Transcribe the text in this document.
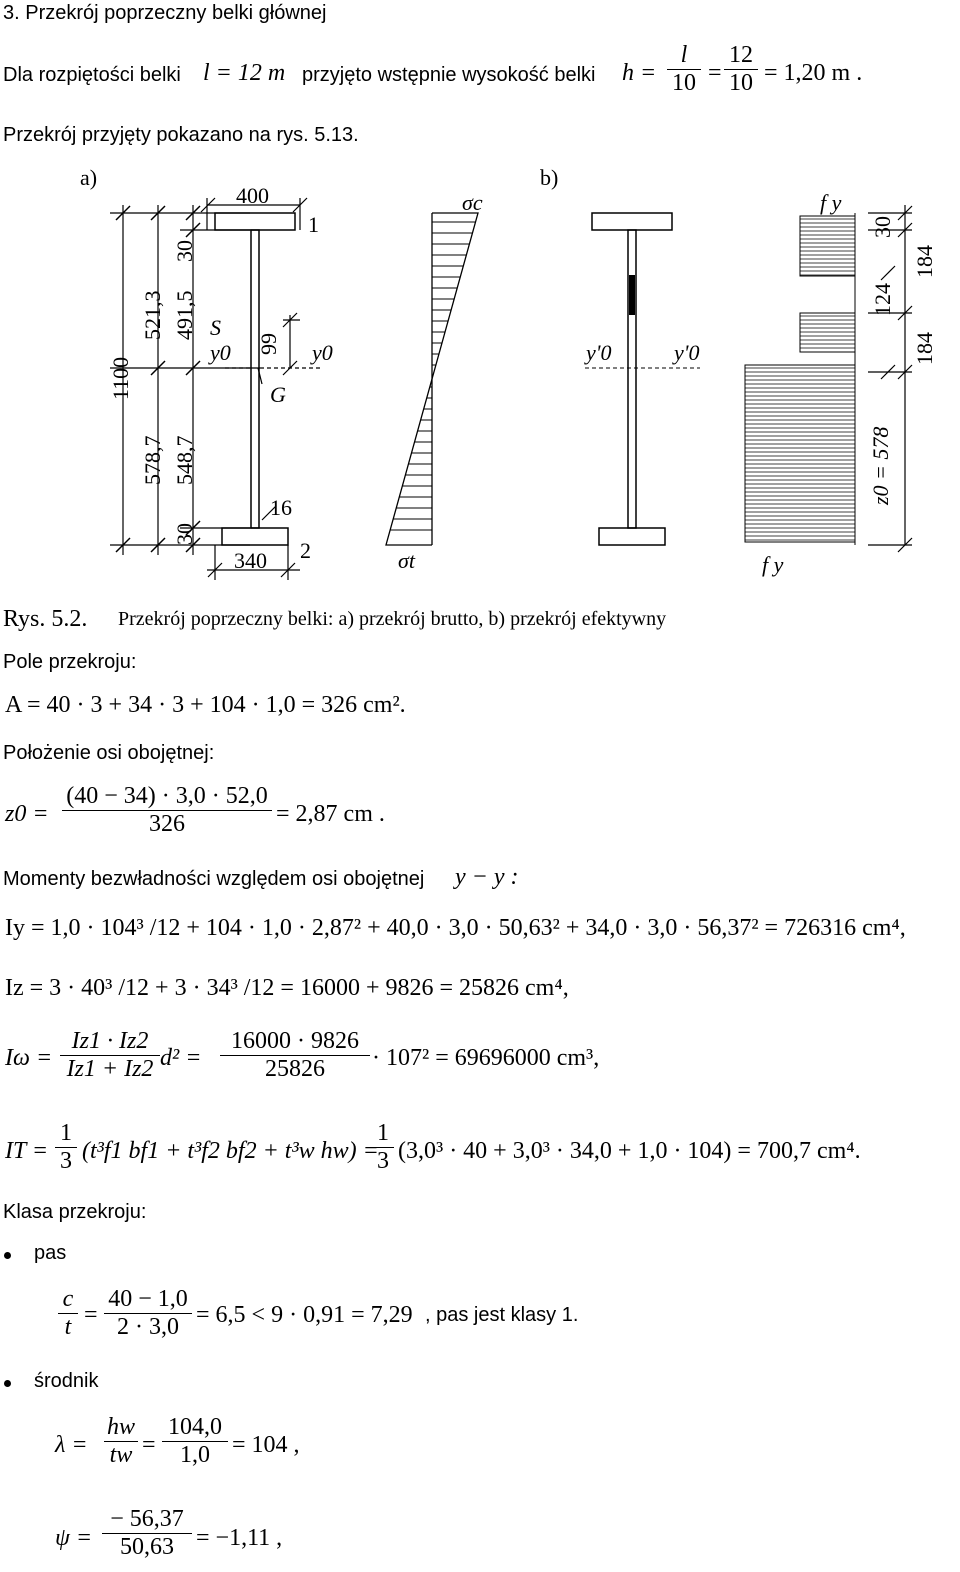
3. Przekrój poprzeczny belki głównej
Dla rozpiętości belki l = 12 m przyjęto wstępnie wysokość belki $h = \frac{l}{10} = \frac{12}{10} = 1,20$ m .
Przekrój przyjęty pokazano na rys. 5.13.
a)	b)
400
1
340 2
16
S
G
y0	y0	y'0	y'0
σc
σt
f y
f y
1100
521,3
578,7
491,5
548,7
30
30
99
30
124
184
184
z0 = 578
Rys. 5.2. Przekrój poprzeczny belki: a) przekrój brutto, b) przekrój efektywny
Pole przekroju:
A = 40 · 3 + 34 · 3 + 104 · 1,0 = 326 cm².
Położenie osi obojętnej:
$z0 = \frac{(40 - 34) \cdot 3,0 \cdot 52,0}{326} = 2,87$ cm .
Momenty bezwładności względem osi obojętnej y − y :
Iy = 1,0 · 104³ /12 + 104 · 1,0 · 2,87² + 40,0 · 3,0 · 50,63² + 34,0 · 3,0 · 56,37² = 726316 cm⁴,
Iz = 3 · 40³ /12 + 3 · 34³ /12 = 16000 + 9826 = 25826 cm⁴,
$I\omega = \frac{Iz1 \cdot Iz2}{Iz1 + Iz2} d^2 = \frac{16000 \cdot 9826}{25826} \cdot 107^2 = 69696000$ cm³,
IT = $\frac{1}{3} (t^3f1$ bf1 + t³f2 bf2 + t³w hw) =
$\frac{1}{3} (3,0^3 \cdot 40 + 3,0^3 \cdot 34,0 + 1,0 \cdot 104) = 700,7$ cm⁴.
Klasa przekroju:
pas
$\frac{c}{t} = \frac{40 - 1,0}{2 \cdot 3,0} = 6,5 < 9 \cdot 0,91 = 7,29$ , pas jest klasy 1.
środnik
$\lambda = \frac{hw}{tw} = \frac{104,0}{1,0} = 104$ ,
$\psi = \frac{- 56,37}{50,63} = -1,11$ ,
